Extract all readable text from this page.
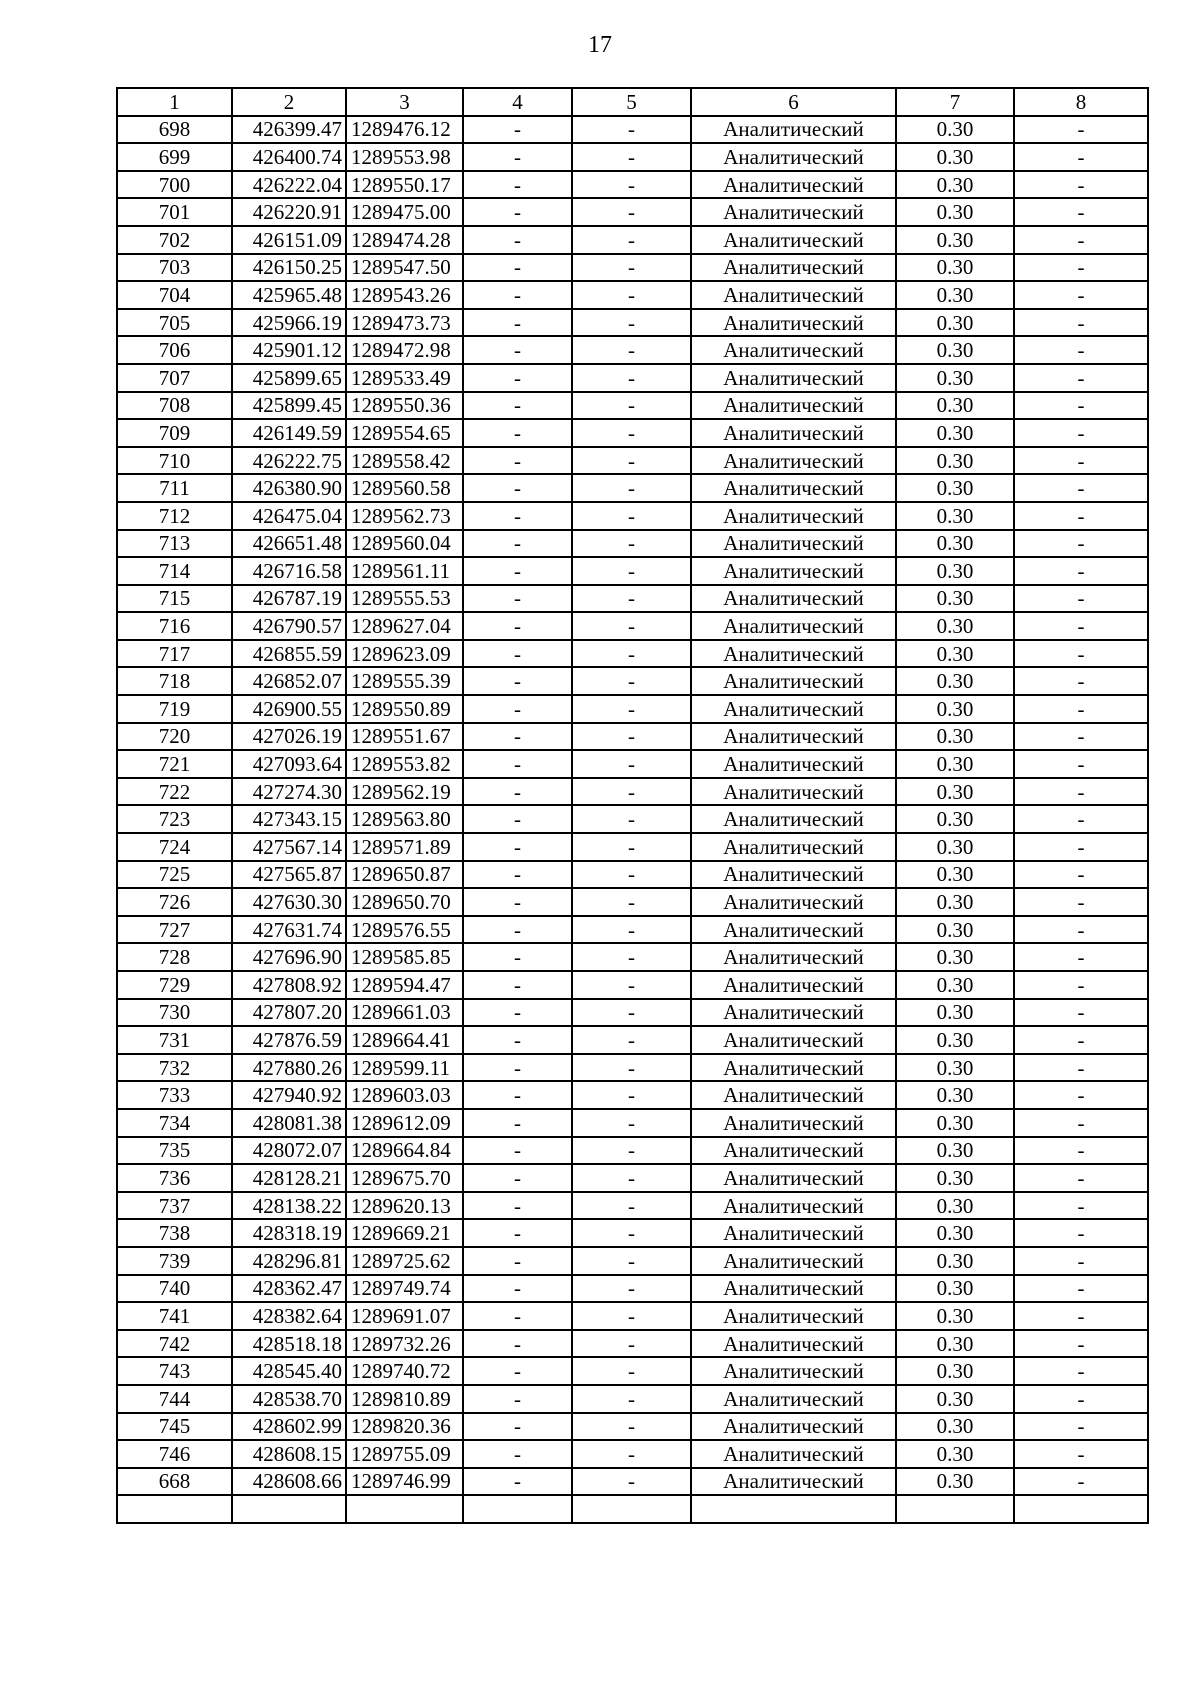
17
1	2	3	4	5	6	7	8
698	426399.47	1289476.12	-	-	Аналитический	0.30	-
699	426400.74	1289553.98	-	-	Аналитический	0.30	-
700	426222.04	1289550.17	-	-	Аналитический	0.30	-
701	426220.91	1289475.00	-	-	Аналитический	0.30	-
702	426151.09	1289474.28	-	-	Аналитический	0.30	-
703	426150.25	1289547.50	-	-	Аналитический	0.30	-
704	425965.48	1289543.26	-	-	Аналитический	0.30	-
705	425966.19	1289473.73	-	-	Аналитический	0.30	-
706	425901.12	1289472.98	-	-	Аналитический	0.30	-
707	425899.65	1289533.49	-	-	Аналитический	0.30	-
708	425899.45	1289550.36	-	-	Аналитический	0.30	-
709	426149.59	1289554.65	-	-	Аналитический	0.30	-
710	426222.75	1289558.42	-	-	Аналитический	0.30	-
711	426380.90	1289560.58	-	-	Аналитический	0.30	-
712	426475.04	1289562.73	-	-	Аналитический	0.30	-
713	426651.48	1289560.04	-	-	Аналитический	0.30	-
714	426716.58	1289561.11	-	-	Аналитический	0.30	-
715	426787.19	1289555.53	-	-	Аналитический	0.30	-
716	426790.57	1289627.04	-	-	Аналитический	0.30	-
717	426855.59	1289623.09	-	-	Аналитический	0.30	-
718	426852.07	1289555.39	-	-	Аналитический	0.30	-
719	426900.55	1289550.89	-	-	Аналитический	0.30	-
720	427026.19	1289551.67	-	-	Аналитический	0.30	-
721	427093.64	1289553.82	-	-	Аналитический	0.30	-
722	427274.30	1289562.19	-	-	Аналитический	0.30	-
723	427343.15	1289563.80	-	-	Аналитический	0.30	-
724	427567.14	1289571.89	-	-	Аналитический	0.30	-
725	427565.87	1289650.87	-	-	Аналитический	0.30	-
726	427630.30	1289650.70	-	-	Аналитический	0.30	-
727	427631.74	1289576.55	-	-	Аналитический	0.30	-
728	427696.90	1289585.85	-	-	Аналитический	0.30	-
729	427808.92	1289594.47	-	-	Аналитический	0.30	-
730	427807.20	1289661.03	-	-	Аналитический	0.30	-
731	427876.59	1289664.41	-	-	Аналитический	0.30	-
732	427880.26	1289599.11	-	-	Аналитический	0.30	-
733	427940.92	1289603.03	-	-	Аналитический	0.30	-
734	428081.38	1289612.09	-	-	Аналитический	0.30	-
735	428072.07	1289664.84	-	-	Аналитический	0.30	-
736	428128.21	1289675.70	-	-	Аналитический	0.30	-
737	428138.22	1289620.13	-	-	Аналитический	0.30	-
738	428318.19	1289669.21	-	-	Аналитический	0.30	-
739	428296.81	1289725.62	-	-	Аналитический	0.30	-
740	428362.47	1289749.74	-	-	Аналитический	0.30	-
741	428382.64	1289691.07	-	-	Аналитический	0.30	-
742	428518.18	1289732.26	-	-	Аналитический	0.30	-
743	428545.40	1289740.72	-	-	Аналитический	0.30	-
744	428538.70	1289810.89	-	-	Аналитический	0.30	-
745	428602.99	1289820.36	-	-	Аналитический	0.30	-
746	428608.15	1289755.09	-	-	Аналитический	0.30	-
668	428608.66	1289746.99	-	-	Аналитический	0.30	-
